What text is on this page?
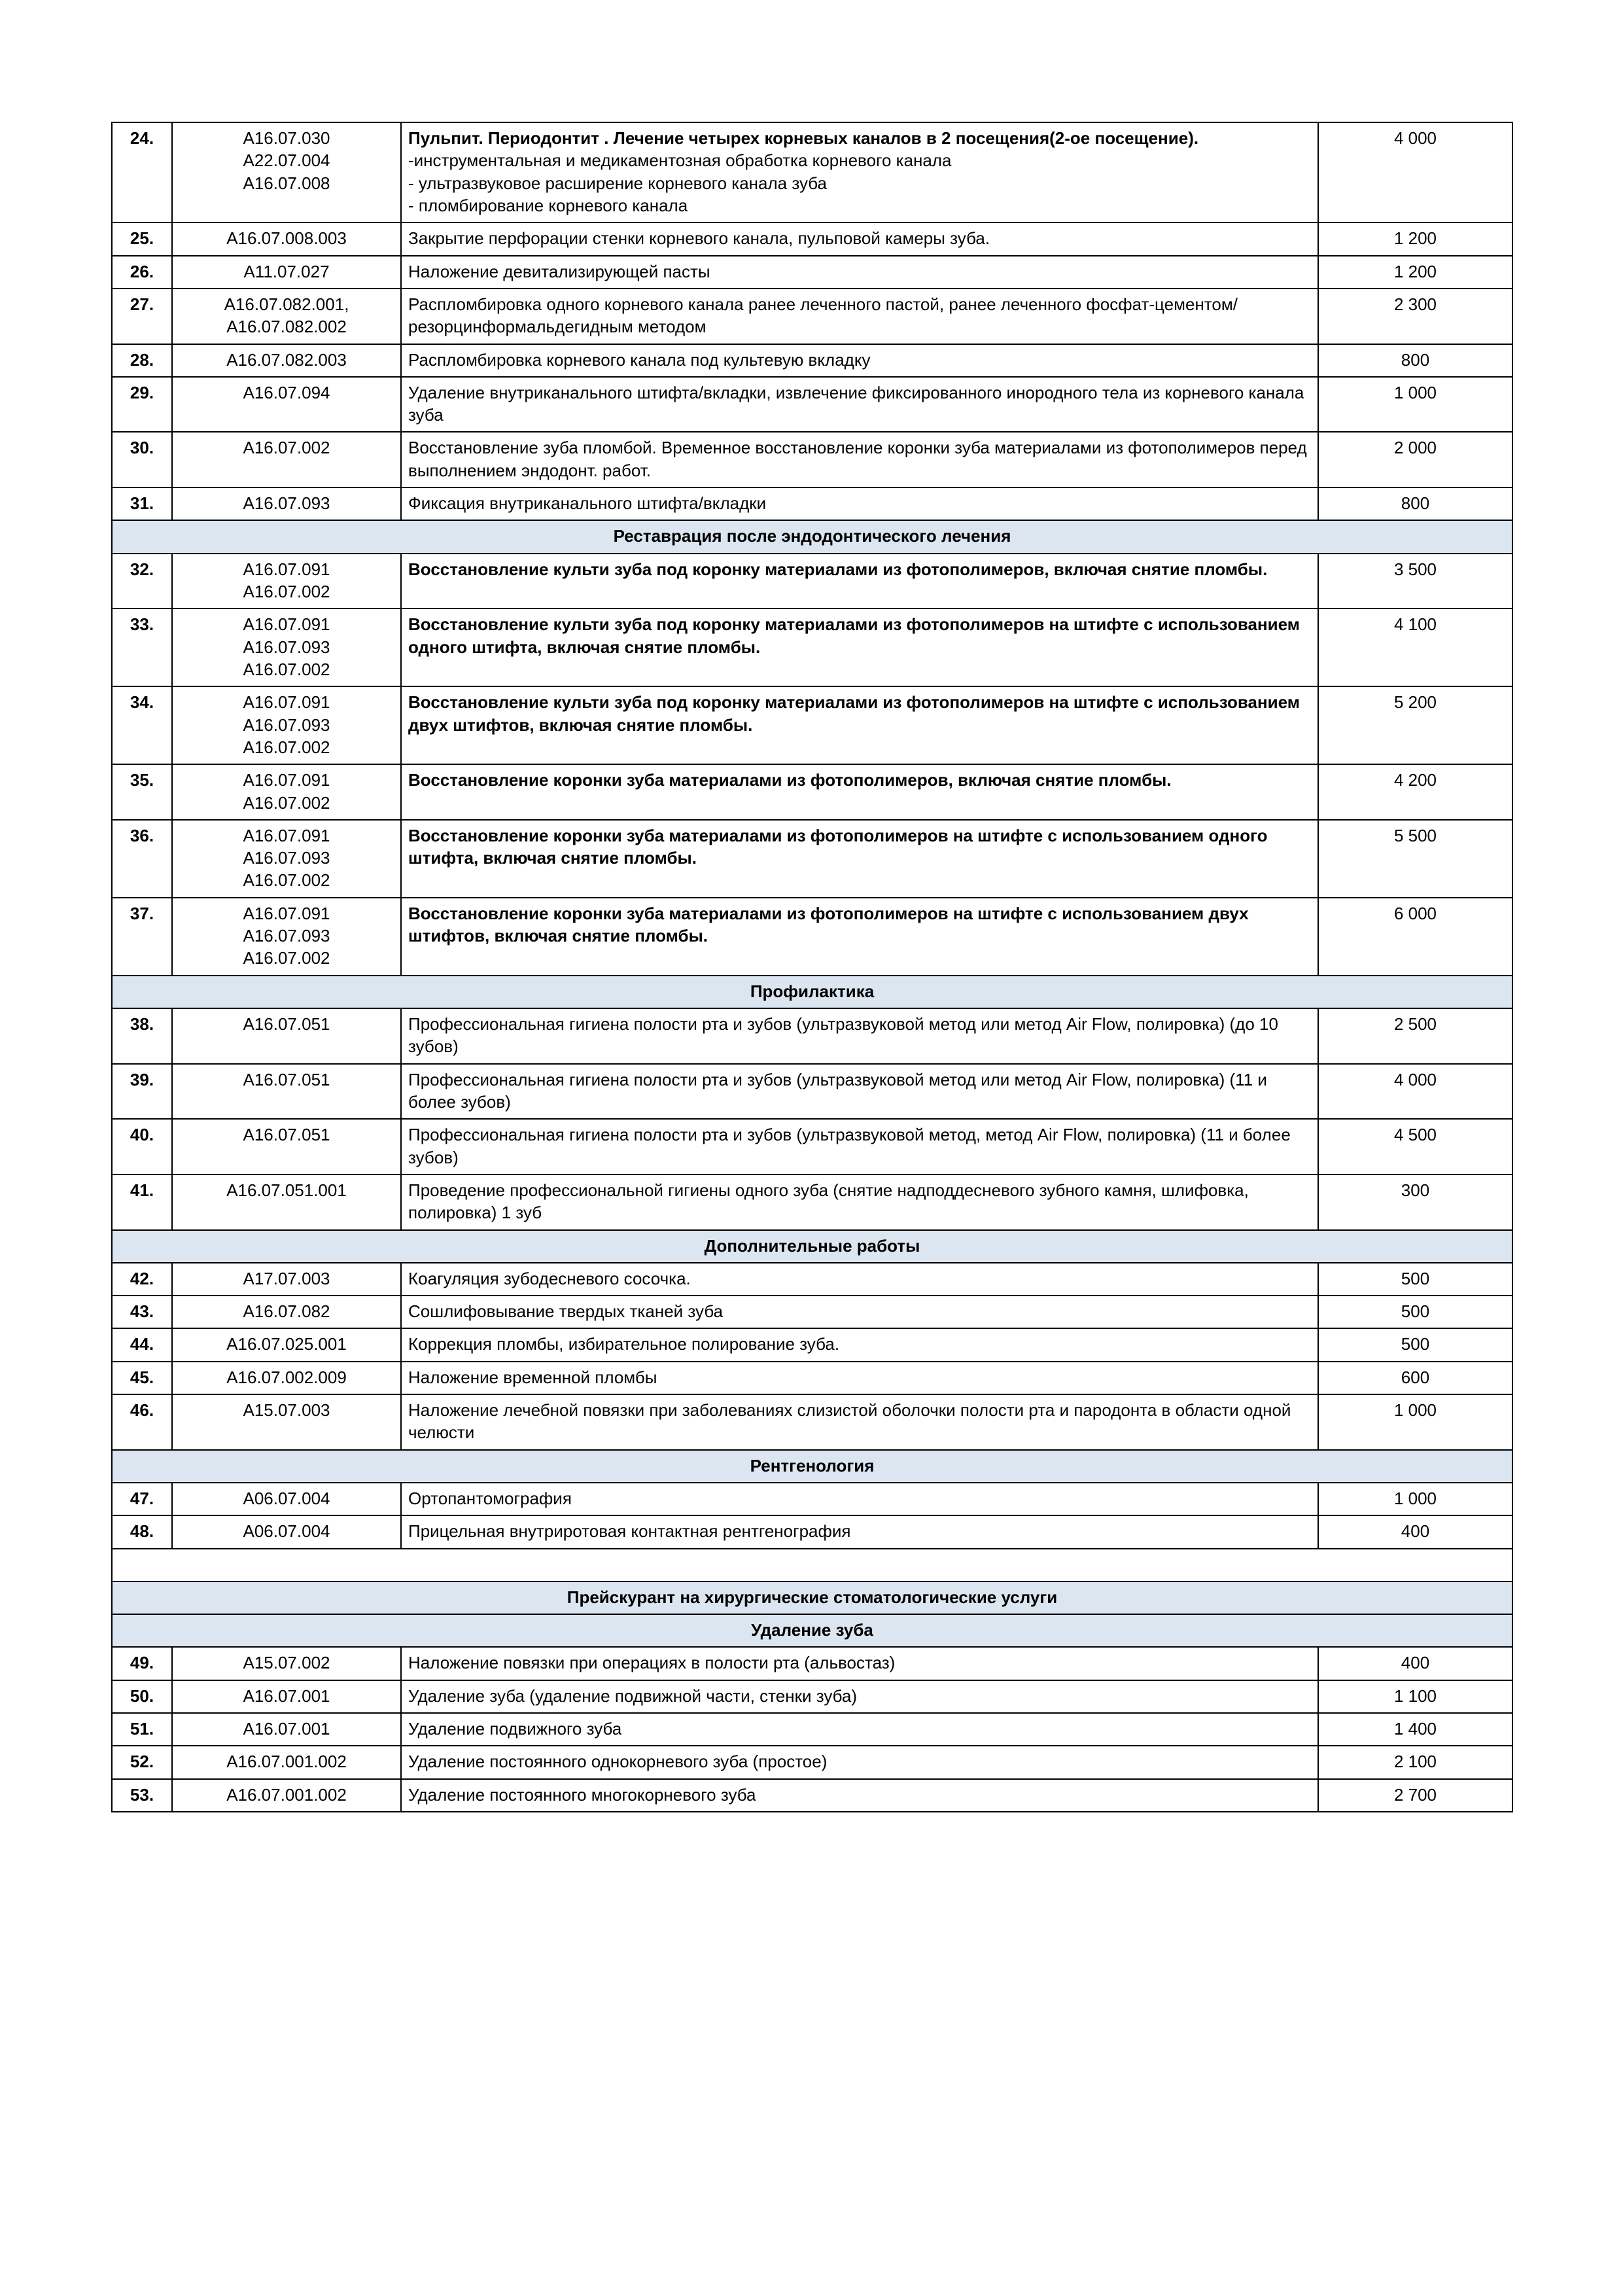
24.	A16.07.030
A22.07.004
A16.07.008
	Пульпит. Периодонтит . Лечение четырех корневых каналов в 2 посещения(2-ое посещение).
-инструментальная и медикаментозная обработка корневого канала
- ультразвуковое расширение корневого канала зуба
- пломбирование корневого канала
	4 000
25.	A16.07.008.003	Закрытие перфорации стенки корневого канала, пульповой камеры зуба.	1 200
26.	A11.07.027	Наложение девитализирующей пасты	1 200
27.	A16.07.082.001,
A16.07.082.002	Распломбировка одного корневого канала ранее леченного пастой, ранее леченного фосфат-цементом/ резорцинформальдегидным методом	2 300
28.	A16.07.082.003	Распломбировка корневого канала под культевую вкладку	800
29.	A16.07.094	Удаление внутриканального штифта/вкладки, извлечение фиксированного инородного тела из корневого канала зуба	1 000
30.	A16.07.002	Восстановление зуба пломбой. Временное восстановление коронки зуба материалами из фотополимеров перед выполнением эндодонт. работ.	2 000
31.	A16.07.093	Фиксация внутриканального штифта/вкладки	800
Реставрация после эндодонтического лечения			
32.	A16.07.091
A16.07.002	Восстановление культи зуба под коронку материалами из фотополимеров, включая снятие пломбы.	3 500
33.	A16.07.091
A16.07.093
A16.07.002	Восстановление культи зуба под коронку материалами из фотополимеров на штифте с использованием одного штифта, включая снятие пломбы.	4 100
34.	A16.07.091
A16.07.093
A16.07.002	Восстановление культи зуба под коронку материалами из фотополимеров на штифте с использованием двух штифтов, включая снятие пломбы.	5 200
35.	A16.07.091
A16.07.002	Восстановление коронки зуба материалами из фотополимеров, включая снятие пломбы.	4 200
36.	A16.07.091
A16.07.093
A16.07.002	Восстановление коронки зуба материалами из фотополимеров на штифте с использованием одного штифта, включая снятие пломбы.	5 500
37.	A16.07.091
A16.07.093
A16.07.002	Восстановление коронки зуба материалами из фотополимеров на штифте с использованием двух штифтов, включая снятие пломбы.	6 000
Профилактика			
38.	A16.07.051	Профессиональная гигиена полости рта и зубов (ультразвуковой метод или метод Air Flow, полировка) (до 10 зубов)	2 500
39.	A16.07.051	Профессиональная гигиена полости рта и зубов (ультразвуковой метод или метод Air Flow, полировка) (11 и более зубов)	4 000
40.	A16.07.051	Профессиональная гигиена полости рта и зубов (ультразвуковой метод, метод Air Flow, полировка) (11 и более зубов)	4 500
41.	A16.07.051.001	Проведение профессиональной гигиены одного зуба (снятие надподдесневого зубного камня, шлифовка, полировка) 1 зуб	300
Дополнительные работы			
42.	A17.07.003	Коагуляция зубодесневого сосочка.	500
43.	A16.07.082	Сошлифовывание твердых тканей зуба	500
44.	A16.07.025.001	Коррекция пломбы, избирательное полирование зуба.	500
45.	A16.07.002.009	Наложение временной пломбы	600
46.	A15.07.003	Наложение лечебной повязки при заболеваниях слизистой оболочки полости рта и пародонта в области одной челюсти	1 000
Рентгенология			
47.	A06.07.004	Ортопантомография	1 000
48.	A06.07.004	Прицельная внутриротовая контактная рентгенография	400

Прейскурант на хирургические стоматологические услуги			
Удаление зуба			
49.	A15.07.002	Наложение повязки при операциях в полости рта (альвостаз)	400
50.	A16.07.001	Удаление зуба (удаление подвижной части, стенки зуба)	1 100
51.	A16.07.001	Удаление подвижного зуба	1 400
52.	A16.07.001.002	Удаление постоянного однокорневого зуба (простое)	2 100
53.	A16.07.001.002	Удаление постоянного многокорневого зуба	2 700
